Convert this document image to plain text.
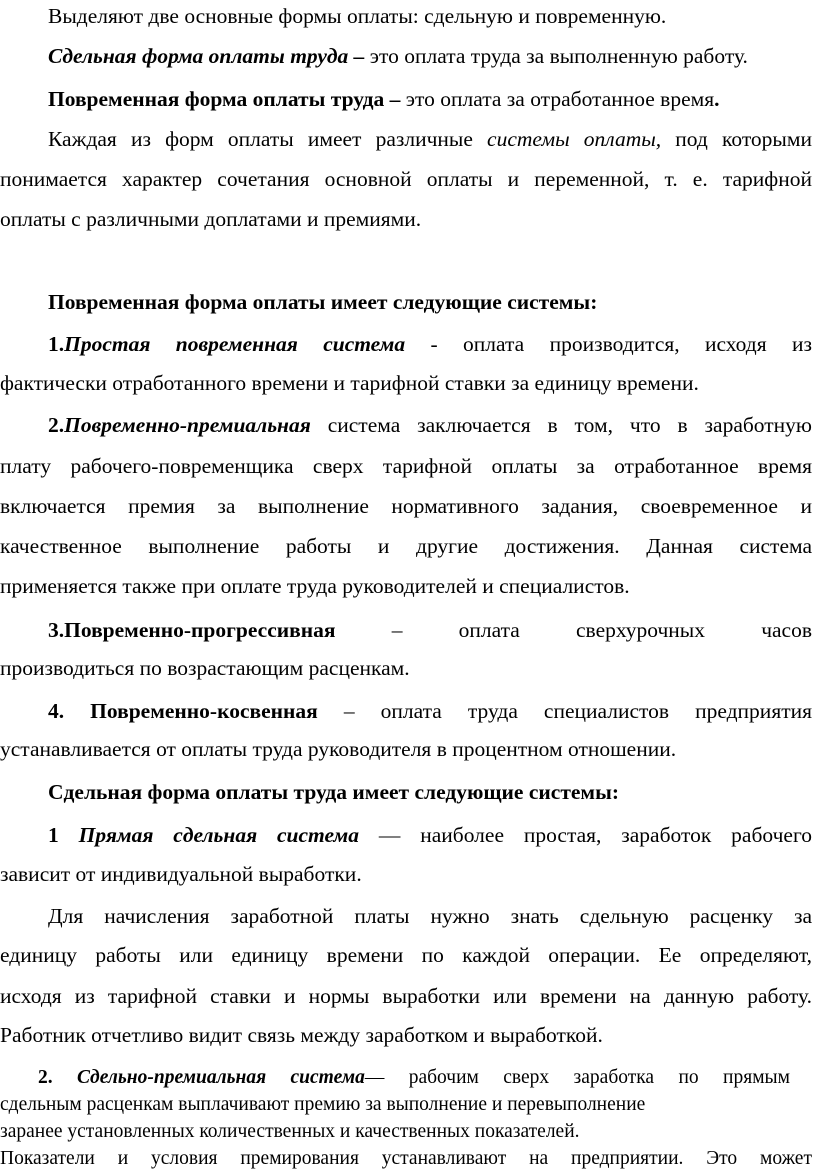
Выделяют две основные формы оплаты: сдельную и повременную.
Сдельная форма оплаты труда – это оплата труда за выполненную работу.
Повременная форма оплаты труда – это оплата за отработанное время.
Каждая из форм оплаты имеет различные системы оплаты, под которыми
понимается характер сочетания основной оплаты и переменной, т. е. тарифной
оплаты с различными доплатами и премиями.
Повременная форма оплаты имеет следующие системы:
1.Простая повременная система - оплата производится, исходя из
фактически отработанного времени и тарифной ставки за единицу времени.
2.Повременно-премиальная система заключается в том, что в заработную
плату рабочего-повременщика сверх тарифной оплаты за отработанное время
включается премия за выполнение нормативного задания, своевременное и
качественное выполнение работы и другие достижения. Данная система
применяется также при оплате труда руководителей и специалистов.
3.Повременно-прогрессивная – оплата сверхурочных часов
производиться по возрастающим расценкам.
4. Повременно-косвенная – оплата труда специалистов предприятия
устанавливается от оплаты труда руководителя в процентном отношении.
Сдельная форма оплаты труда имеет следующие системы:
1 Прямая сдельная система — наиболее простая, заработок рабочего
зависит от индивидуальной выработки.
Для начисления заработной платы нужно знать сдельную расценку за
единицу работы или единицу времени по каждой операции. Ее определяют,
исходя из тарифной ставки и нормы выработки или времени на данную работу.
Работник отчетливо видит связь между заработком и выработкой.
2. Сдельно-премиальная система— рабочим сверх заработка по прямым
сдельным расценкам выплачивают премию за выполнение и перевыполнение
заранее установленных количественных и качественных показателей.
Показатели и условия премирования устанавливают на предприятии. Это может
